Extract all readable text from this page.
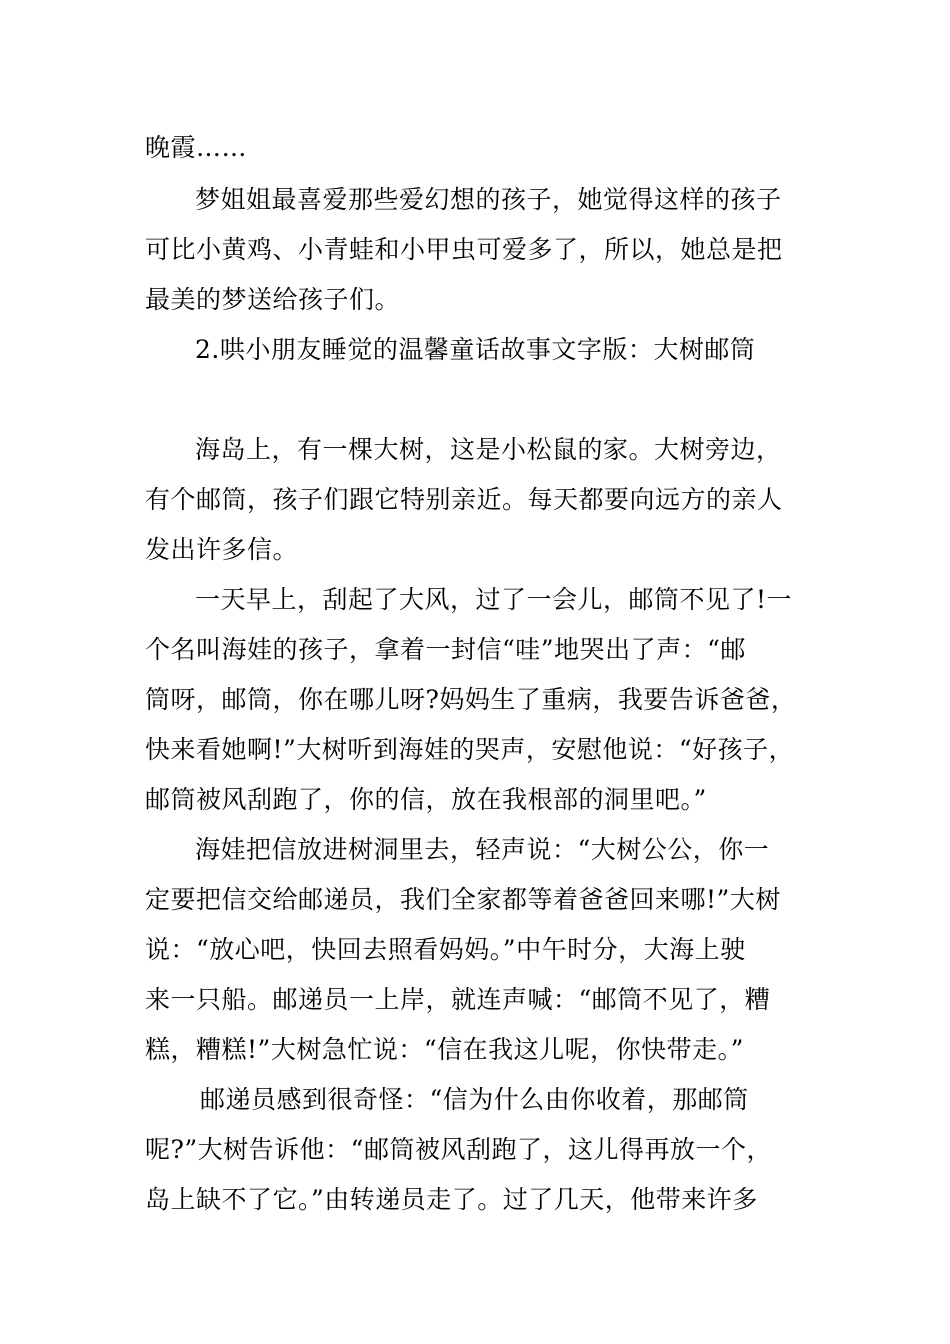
晚霞……
梦姐姐最喜爱那些爱幻想的孩子，她觉得这样的孩子
可比小黄鸡、小青蛙和小甲虫可爱多了，所以，她总是把
最美的梦送给孩子们。
2.哄小朋友睡觉的温馨童话故事文字版：大树邮筒
海岛上，有一棵大树，这是小松鼠的家。大树旁边，
有个邮筒，孩子们跟它特别亲近。每天都要向远方的亲人
发出许多信。
一天早上，刮起了大风，过了一会儿，邮筒不见了!一
个名叫海娃的孩子，拿着一封信“哇”地哭出了声：“邮
筒呀，邮筒，你在哪儿呀?妈妈生了重病，我要告诉爸爸，
快来看她啊!”大树听到海娃的哭声，安慰他说：“好孩子，
邮筒被风刮跑了，你的信，放在我根部的洞里吧。”
海娃把信放进树洞里去，轻声说：“大树公公，你一
定要把信交给邮递员，我们全家都等着爸爸回来哪!”大树
说：“放心吧，快回去照看妈妈。”中午时分，大海上驶
来一只船。邮递员一上岸，就连声喊：“邮筒不见了，糟
糕，糟糕!”大树急忙说：“信在我这儿呢，你快带走。”
邮递员感到很奇怪：“信为什么由你收着，那邮筒
呢?”大树告诉他：“邮筒被风刮跑了，这儿得再放一个，
岛上缺不了它。”由转递员走了。过了几天，他带来许多
